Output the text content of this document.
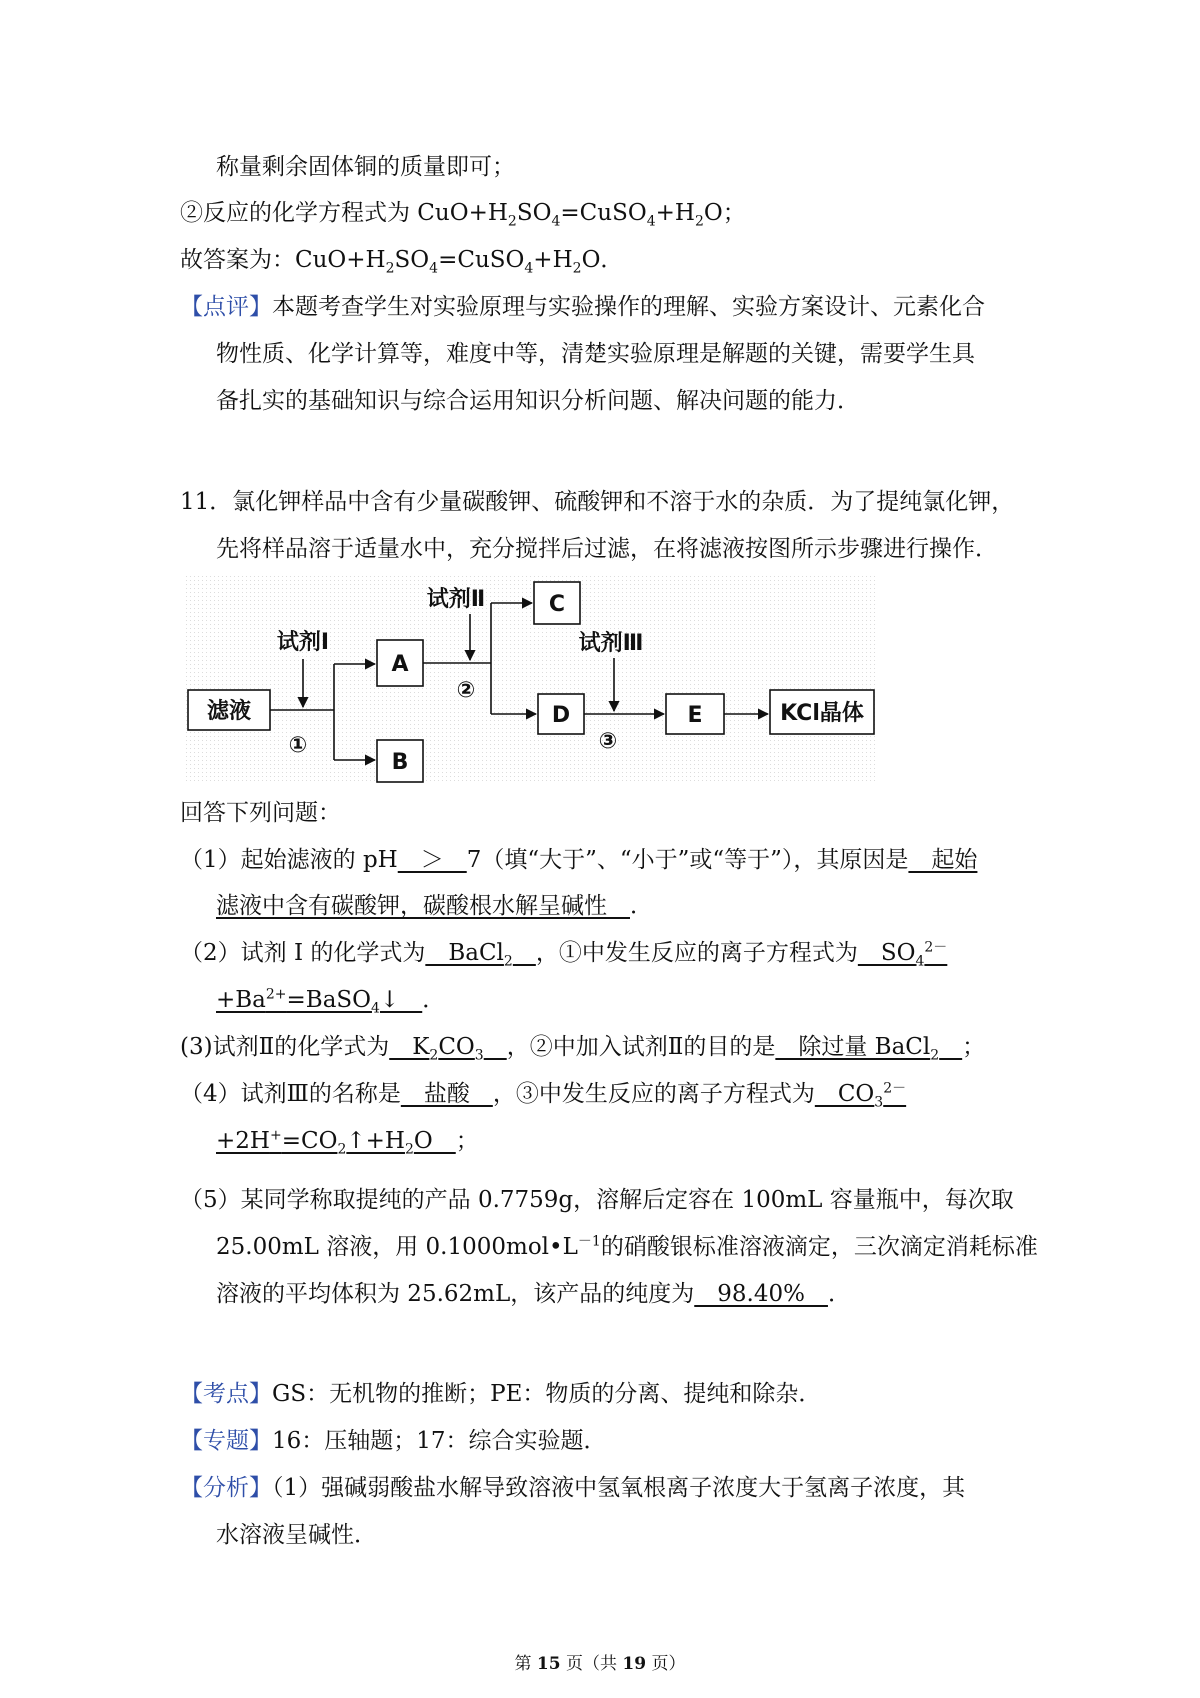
称量剩余固体铜的质量即可；
②反应的化学方程式为 $CuO+H_2SO_4=CuSO_4+H_2O$；
故答案为：$CuO+H_2SO_4=CuSO_4+H_2O$．
【点评】本题考查学生对实验原理与实验操作的理解、实验方案设计、元素化合
物性质、化学计算等，难度中等，清楚实验原理是解题的关键，需要学生具
备扎实的基础知识与综合运用知识分析问题、解决问题的能力．
11．氯化钾样品中含有少量碳酸钾、硫酸钾和不溶于水的杂质．为了提纯氯化钾，
先将样品溶于适量水中，充分搅拌后过滤，在将滤液按图所示步骤进行操作．
滤液
A
B
C
D	E	KCl晶体
试剂Ⅰ
试剂Ⅱ
试剂Ⅲ
①
②
③
回答下列问题：
（1）起始滤液的 pH　＞　7（填“大于”、“小于”或“等于”），其原因是　起始
滤液中含有碳酸钾，碳酸根水解呈碱性　．
（2）试剂 Ⅰ 的化学式为　BaCl$_2$　 ，①中发生反应的离子方程式为　$SO_4^{2-}$
$+Ba^{2+}=BaSO_4↓$　．
(3)试剂Ⅱ的化学式为　$K_2CO_3$　 ，②中加入试剂Ⅱ的目的是　除过量 BaCl$_2$　 ；
（4）试剂Ⅲ的名称是　盐酸　，③中发生反应的离子方程式为　$CO_3^{2-}$
$+2H^+=CO_2↑+H_2O$　；
（5）某同学称取提纯的产品 0.7759g，溶解后定容在 100mL 容量瓶中，每次取
25.00mL 溶液，用 $0.1000mol•L^{-1}$的硝酸银标准溶液滴定，三次滴定消耗标准
溶液的平均体积为 25.62mL，该产品的纯度为　98.40%　．
【考点】GS：无机物的推断；PE：物质的分离、提纯和除杂．
【专题】16：压轴题；17：综合实验题．
【分析】（1）强碱弱酸盐水解导致溶液中氢氧根离子浓度大于氢离子浓度，其
水溶液呈碱性．
第 15 页（共 19 页）
